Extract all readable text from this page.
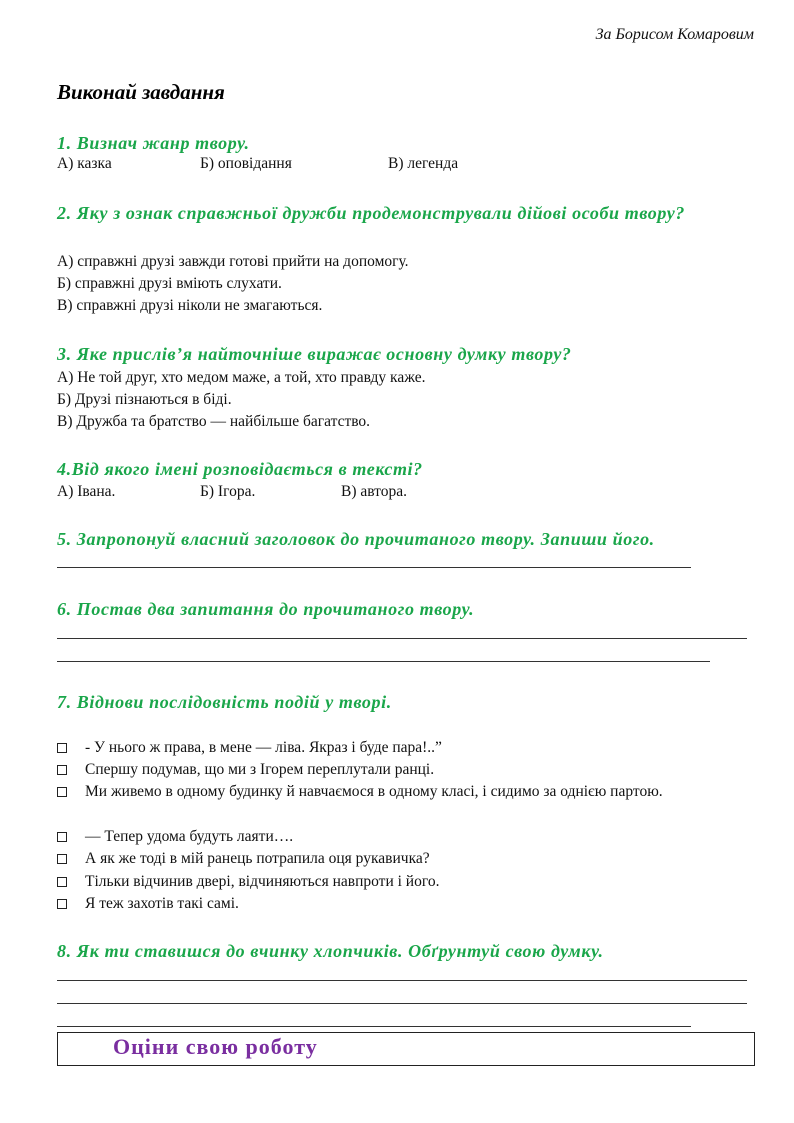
За Борисом Комаровим
Виконай завдання
1. Визнач жанр твору.
А) казка	Б) оповідання	В) легенда
2. Яку з ознак справжньої дружби продемонстрували дійові особи твору?
А) справжні друзі завжди готові прийти на допомогу.
Б) справжні друзі вміють слухати.
В) справжні друзі ніколи не змагаються.
3. Яке прислів’я найточніше виражає основну думку твору?
А) Не той друг, хто медом маже, а той, хто правду каже.
Б) Друзі пізнаються в біді.
В) Дружба та братство — найбільше багатство.
4.Від якого імені розповідається в тексті?
А) Івана.	Б) Ігора.	В) автора.
5. Запропонуй власний заголовок до прочитаного твору. Запиши його.
6. Постав два запитання до прочитаного твору.
7. Віднови послідовність подій у творі.
- У нього ж права, в мене — ліва. Якраз і буде пара!..”
Спершу подумав, що ми з Ігорем переплутали ранці.
Ми живемо в одному будинку й навчаємося в одному класі, і сидимо за однією партою.
— Тепер удома будуть лаяти….
А як же тоді в мій ранець потрапила оця рукавичка?
Тільки відчинив двері, відчиняються навпроти і його.
Я теж захотів такі самі.
8. Як ти ставишся до вчинку хлопчиків. Обґрунтуй свою думку.
Оціни свою роботу
